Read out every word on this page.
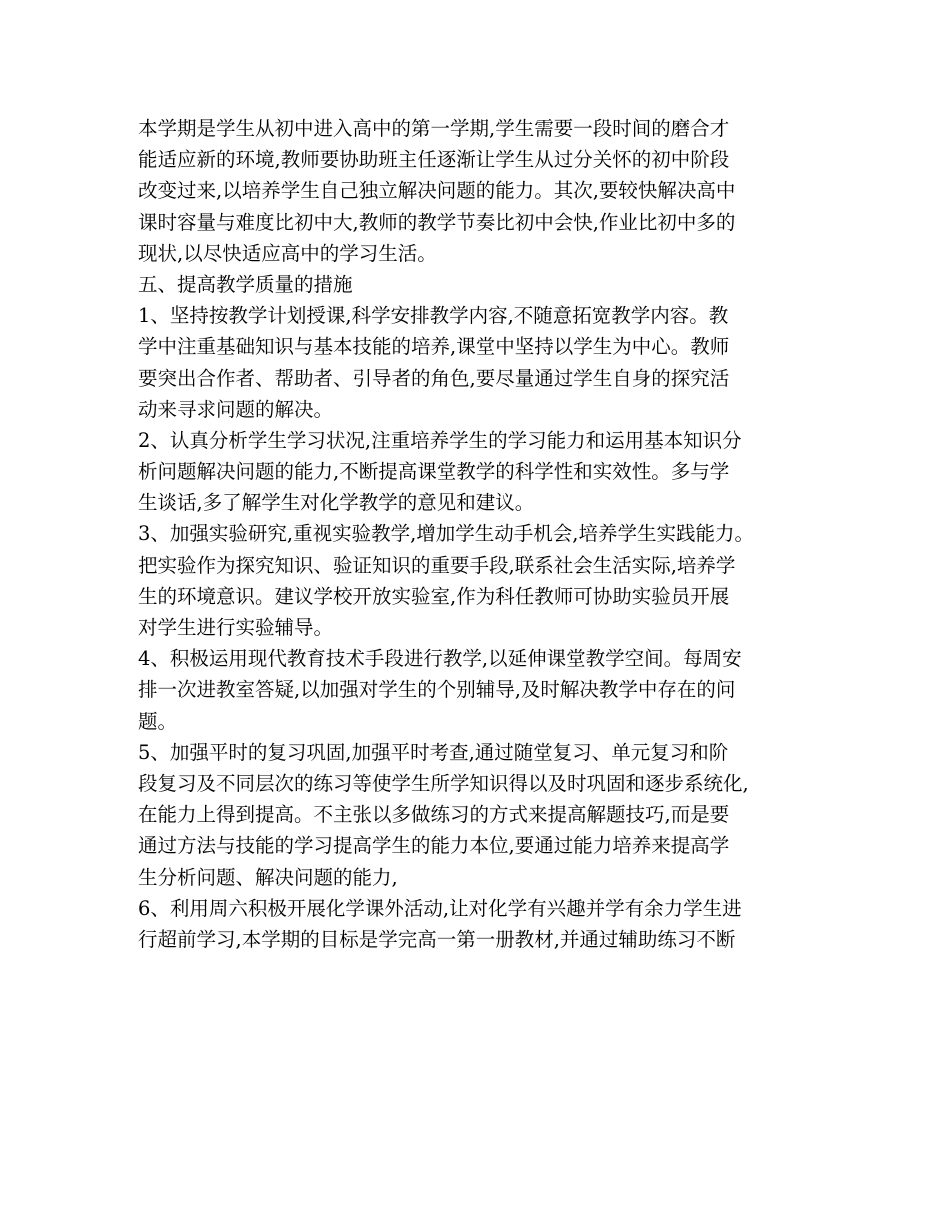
本学期是学生从初中进入高中的第一学期,学生需要一段时间的磨合才
能适应新的环境,教师要协助班主任逐渐让学生从过分关怀的初中阶段
改变过来,以培养学生自己独立解决问题的能力。其次,要较快解决高中
课时容量与难度比初中大,教师的教学节奏比初中会快,作业比初中多的
现状,以尽快适应高中的学习生活。
五、提高教学质量的措施
1、坚持按教学计划授课,科学安排教学内容,不随意拓宽教学内容。教
学中注重基础知识与基本技能的培养,课堂中坚持以学生为中心。教师
要突出合作者、帮助者、引导者的角色,要尽量通过学生自身的探究活
动来寻求问题的解决。
2、认真分析学生学习状况,注重培养学生的学习能力和运用基本知识分
析问题解决问题的能力,不断提高课堂教学的科学性和实效性。多与学
生谈话,多了解学生对化学教学的意见和建议。
3、加强实验研究,重视实验教学,增加学生动手机会,培养学生实践能力。
把实验作为探究知识、验证知识的重要手段,联系社会生活实际,培养学
生的环境意识。建议学校开放实验室,作为科任教师可协助实验员开展
对学生进行实验辅导。
4、积极运用现代教育技术手段进行教学,以延伸课堂教学空间。每周安
排一次进教室答疑,以加强对学生的个别辅导,及时解决教学中存在的问
题。
5、加强平时的复习巩固,加强平时考查,通过随堂复习、单元复习和阶
段复习及不同层次的练习等使学生所学知识得以及时巩固和逐步系统化,
在能力上得到提高。不主张以多做练习的方式来提高解题技巧,而是要
通过方法与技能的学习提高学生的能力本位,要通过能力培养来提高学
生分析问题、解决问题的能力,
6、利用周六积极开展化学课外活动,让对化学有兴趣并学有余力学生进
行超前学习,本学期的目标是学完高一第一册教材,并通过辅助练习不断
